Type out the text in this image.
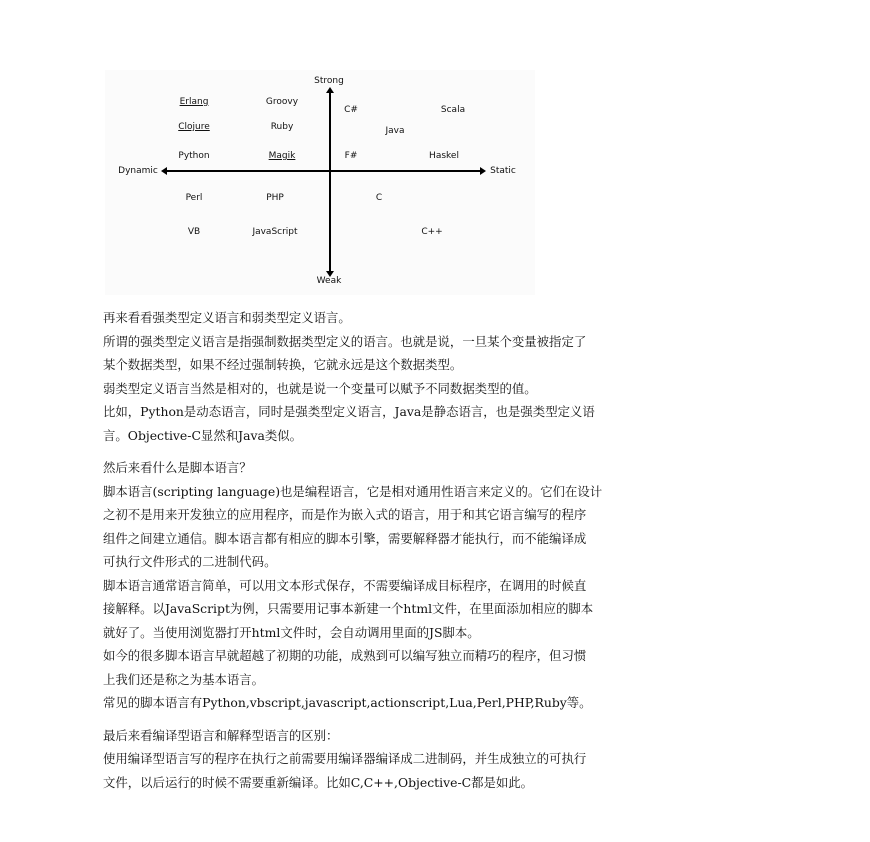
Strong
Weak
Dynamic	Static
Erlang	Groovy
C#	Scala
Clojure	Ruby	Java
Python	Magik	F#	Haskel
Perl	PHP	C
VB	JavaScript	C++
再来看看强类型定义语言和弱类型定义语言。
所谓的强类型定义语言是指强制数据类型定义的语言。也就是说，一旦某个变量被指定了
某个数据类型，如果不经过强制转换，它就永远是这个数据类型。
弱类型定义语言当然是相对的，也就是说一个变量可以赋予不同数据类型的值。
比如，Python是动态语言，同时是强类型定义语言，Java是静态语言，也是强类型定义语
言。Objective-C显然和Java类似。
然后来看什么是脚本语言？
脚本语言(scripting language)也是编程语言，它是相对通用性语言来定义的。它们在设计
之初不是用来开发独立的应用程序，而是作为嵌入式的语言，用于和其它语言编写的程序
组件之间建立通信。脚本语言都有相应的脚本引擎，需要解释器才能执行，而不能编译成
可执行文件形式的二进制代码。
脚本语言通常语言简单，可以用文本形式保存，不需要编译成目标程序，在调用的时候直
接解释。以JavaScript为例，只需要用记事本新建一个html文件，在里面添加相应的脚本
就好了。当使用浏览器打开html文件时，会自动调用里面的JS脚本。
如今的很多脚本语言早就超越了初期的功能，成熟到可以编写独立而精巧的程序，但习惯
上我们还是称之为基本语言。
常见的脚本语言有Python,vbscript,javascript,actionscript,Lua,Perl,PHP,Ruby等。
最后来看编译型语言和解释型语言的区别：
使用编译型语言写的程序在执行之前需要用编译器编译成二进制码，并生成独立的可执行
文件，以后运行的时候不需要重新编译。比如C,C++,Objective-C都是如此。
